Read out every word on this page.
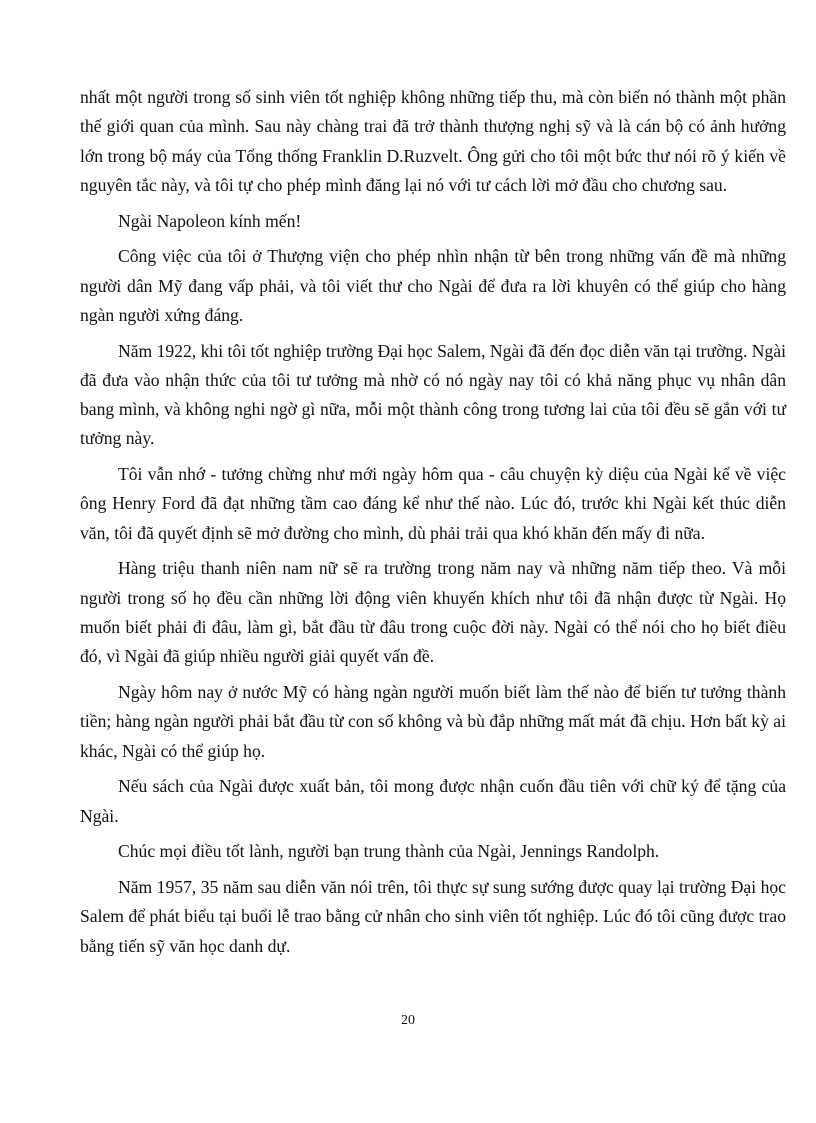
nhất một người trong số sinh viên tốt nghiệp không những tiếp thu, mà còn biến nó thành một phần thế giới quan của mình. Sau này chàng trai đã trở thành thượng nghị sỹ và là cán bộ có ảnh hưởng lớn trong bộ máy của Tổng thống Franklin D.Ruzvelt. Ông gửi cho tôi một bức thư nói rõ ý kiến về nguyên tắc này, và tôi tự cho phép mình đăng lại nó với tư cách lời mở đầu cho chương sau.

Ngài Napoleon kính mến!

Công việc của tôi ở Thượng viện cho phép nhìn nhận từ bên trong những vấn đề mà những người dân Mỹ đang vấp phải, và tôi viết thư cho Ngài để đưa ra lời khuyên có thể giúp cho hàng ngàn người xứng đáng.

Năm 1922, khi tôi tốt nghiệp trường Đại học Salem, Ngài đã đến đọc diễn văn tại trường. Ngài đã đưa vào nhận thức của tôi tư tưởng mà nhờ có nó ngày nay tôi có khả năng phục vụ nhân dân bang mình, và không nghi ngờ gì nữa, mỗi một thành công trong tương lai của tôi đều sẽ gắn với tư tưởng này.

Tôi vẫn nhớ - tưởng chừng như mới ngày hôm qua - câu chuyện kỳ diệu của Ngài kể về việc ông Henry Ford đã đạt những tầm cao đáng kể như thế nào. Lúc đó, trước khi Ngài kết thúc diễn văn, tôi đã quyết định sẽ mở đường cho mình, dù phải trải qua khó khăn đến mấy đi nữa.

Hàng triệu thanh niên nam nữ sẽ ra trường trong năm nay và những năm tiếp theo. Và mỗi người trong số họ đều cần những lời động viên khuyến khích như tôi đã nhận được từ Ngài. Họ muốn biết phải đi đâu, làm gì, bắt đầu từ đâu trong cuộc đời này. Ngài có thể nói cho họ biết điều đó, vì Ngài đã giúp nhiều người giải quyết vấn đề.

Ngày hôm nay ở nước Mỹ có hàng ngàn người muốn biết làm thế nào để biến tư tưởng thành tiền; hàng ngàn người phải bắt đầu từ con số không và bù đắp những mất mát đã chịu. Hơn bất kỳ ai khác, Ngài có thể giúp họ.

Nếu sách của Ngài được xuất bản, tôi mong được nhận cuốn đầu tiên với chữ ký để tặng của Ngài.

Chúc mọi điều tốt lành, người bạn trung thành của Ngài, Jennings Randolph.

Năm 1957, 35 năm sau diễn văn nói trên, tôi thực sự sung sướng được quay lại trường Đại học Salem để phát biểu tại buổi lễ trao bằng cử nhân cho sinh viên tốt nghiệp. Lúc đó tôi cũng được trao bằng tiến sỹ văn học danh dự.

20
